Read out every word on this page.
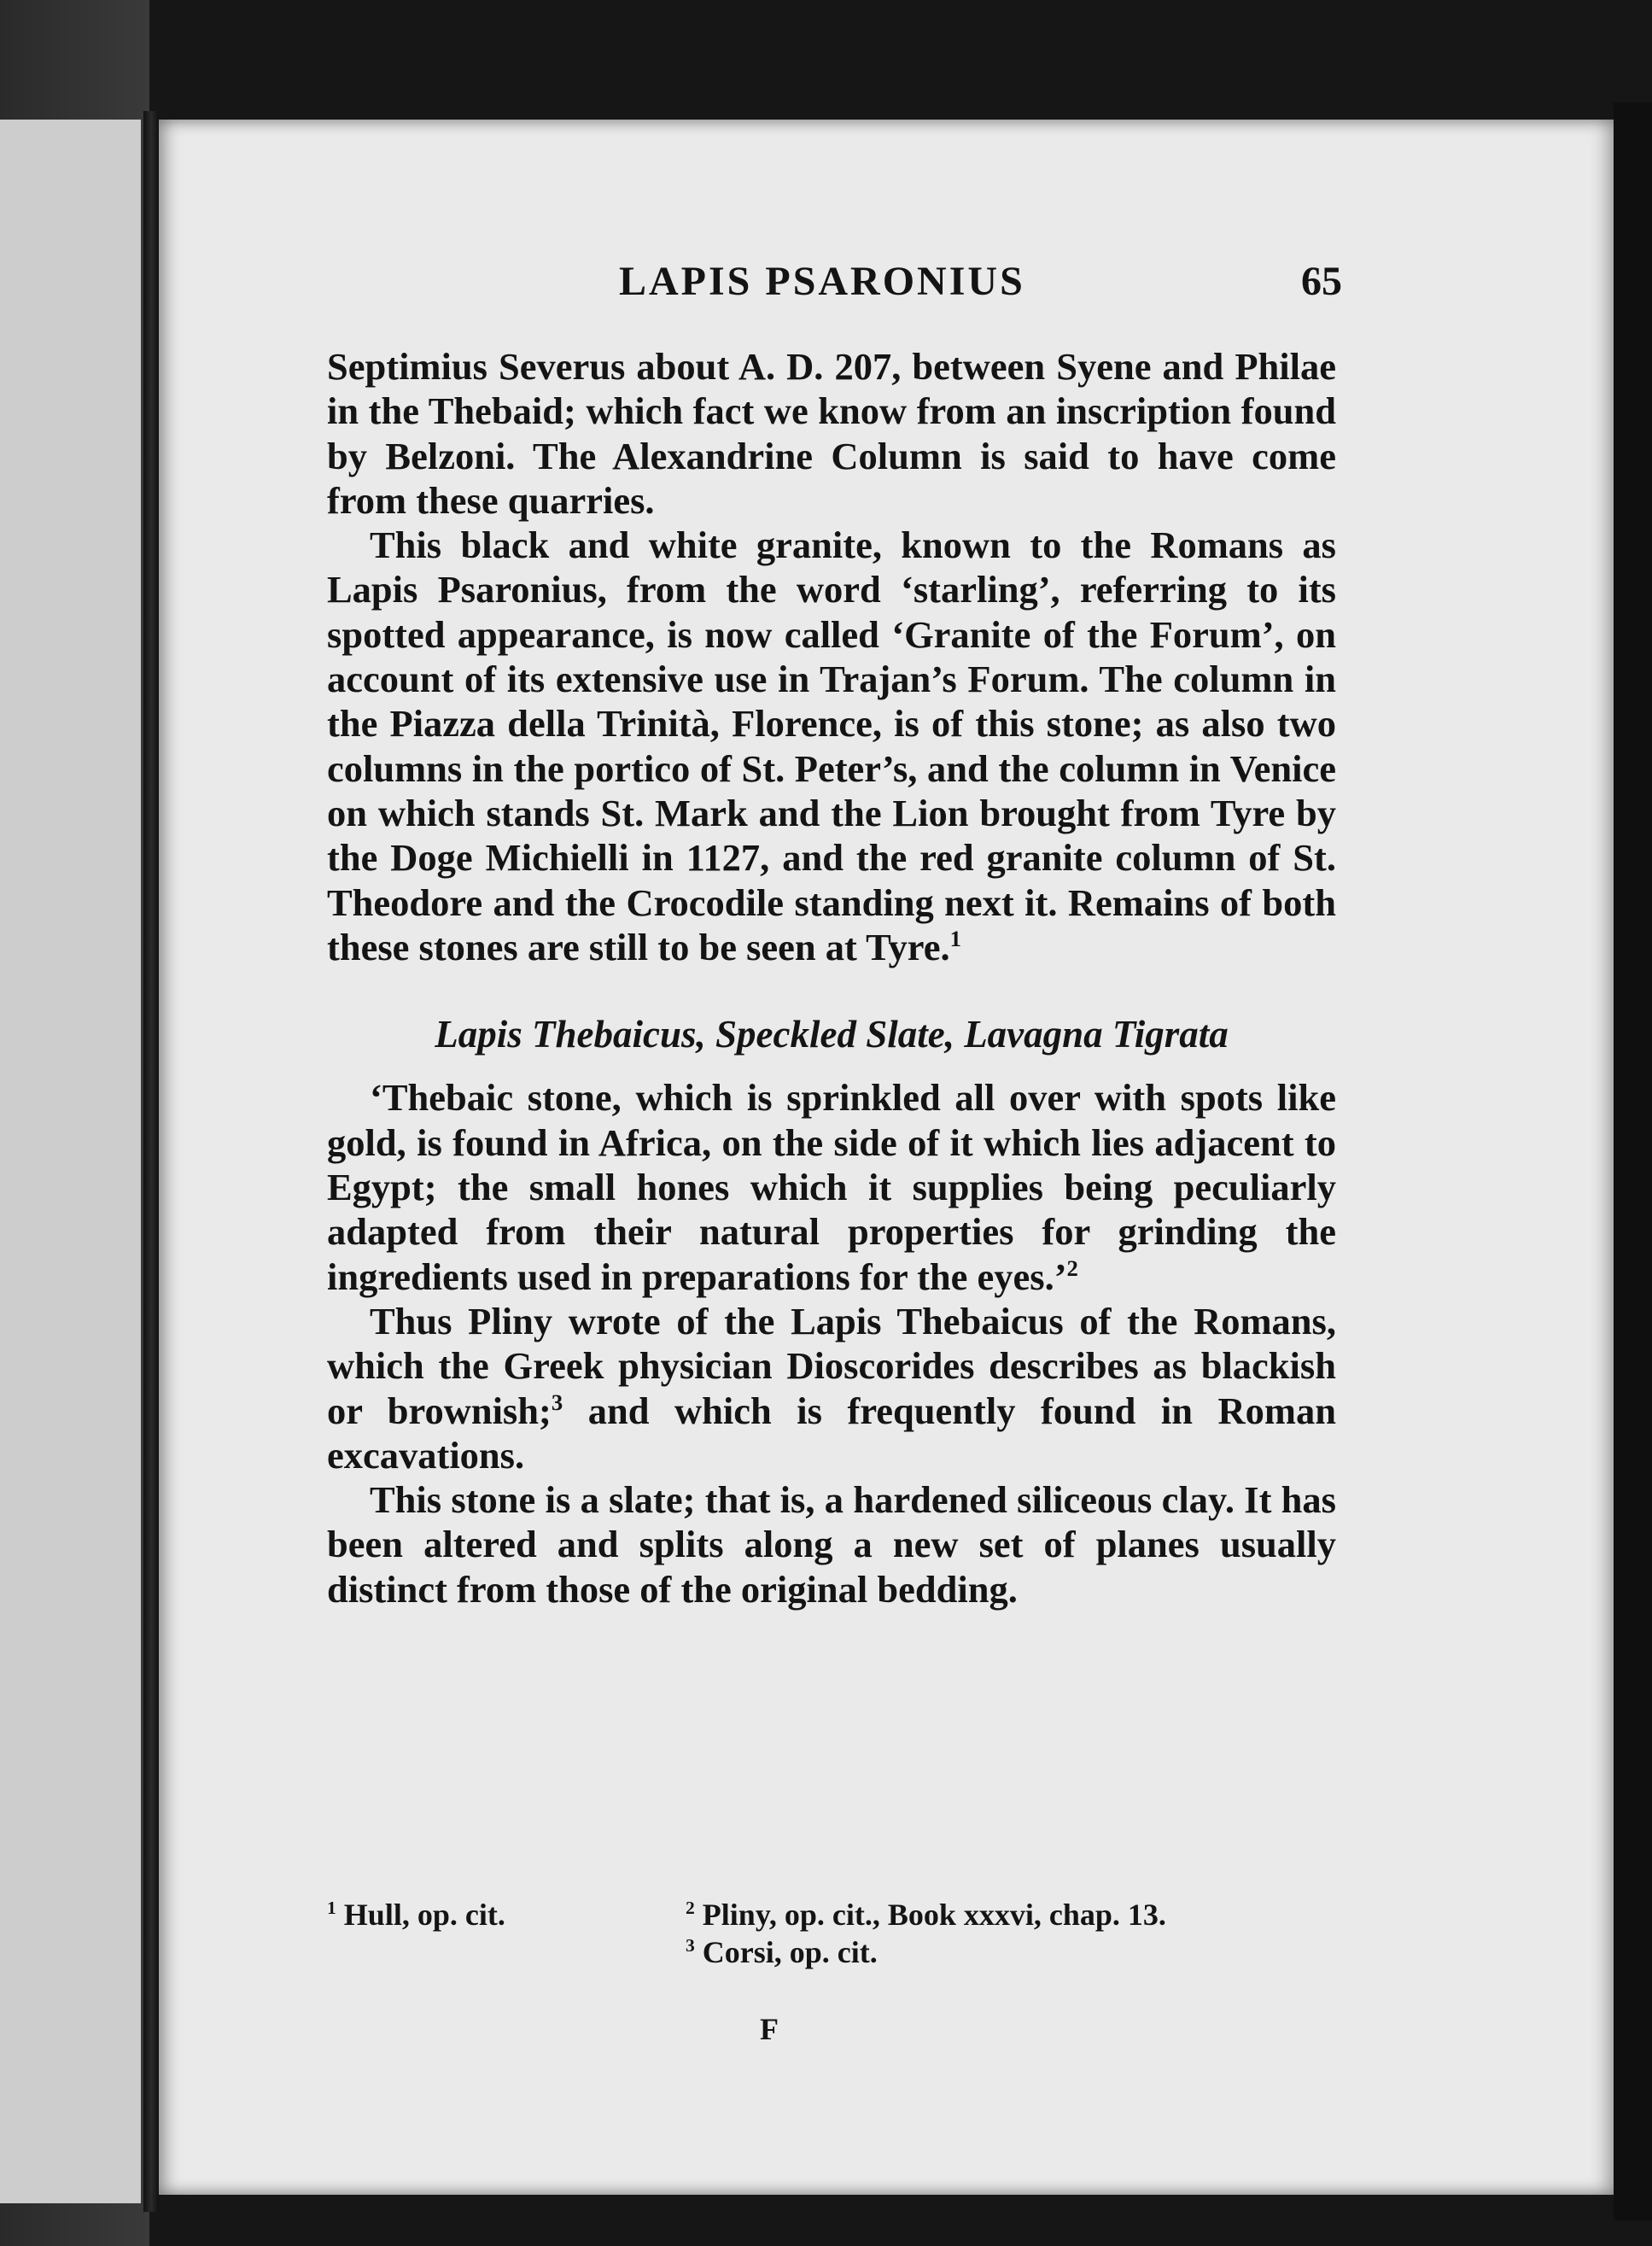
LAPIS PSARONIUS	65

Septimius Severus about A. D. 207, between Syene and Philae in the Thebaid; which fact we know from an inscription found by Belzoni. The Alexandrine Column is said to have come from these quarries.

This black and white granite, known to the Romans as Lapis Psaronius, from the word ‘starling’, referring to its spotted appearance, is now called ‘Granite of the Forum’, on account of its extensive use in Trajan’s Forum. The column in the Piazza della Trinità, Florence, is of this stone; as also two columns in the portico of St. Peter’s, and the column in Venice on which stands St. Mark and the Lion brought from Tyre by the Doge Michielli in 1127, and the red granite column of St. Theodore and the Crocodile standing next it. Remains of both these stones are still to be seen at Tyre.$^1$

Lapis Thebaicus, Speckled Slate, Lavagna Tigrata

‘Thebaic stone, which is sprinkled all over with spots like gold, is found in Africa, on the side of it which lies adjacent to Egypt; the small hones which it supplies being peculiarly adapted from their natural properties for grinding the ingredients used in preparations for the eyes.’$^2$

Thus Pliny wrote of the Lapis Thebaicus of the Romans, which the Greek physician Dioscorides describes as blackish or brownish;$^3$ and which is frequently found in Roman excavations.

This stone is a slate; that is, a hardened siliceous clay. It has been altered and splits along a new set of planes usually distinct from those of the original bedding.

$^1$ Hull, op. cit.	$^2$ Pliny, op. cit., Book xxxvi, chap. 13.
$^3$ Corsi, op. cit.
F
